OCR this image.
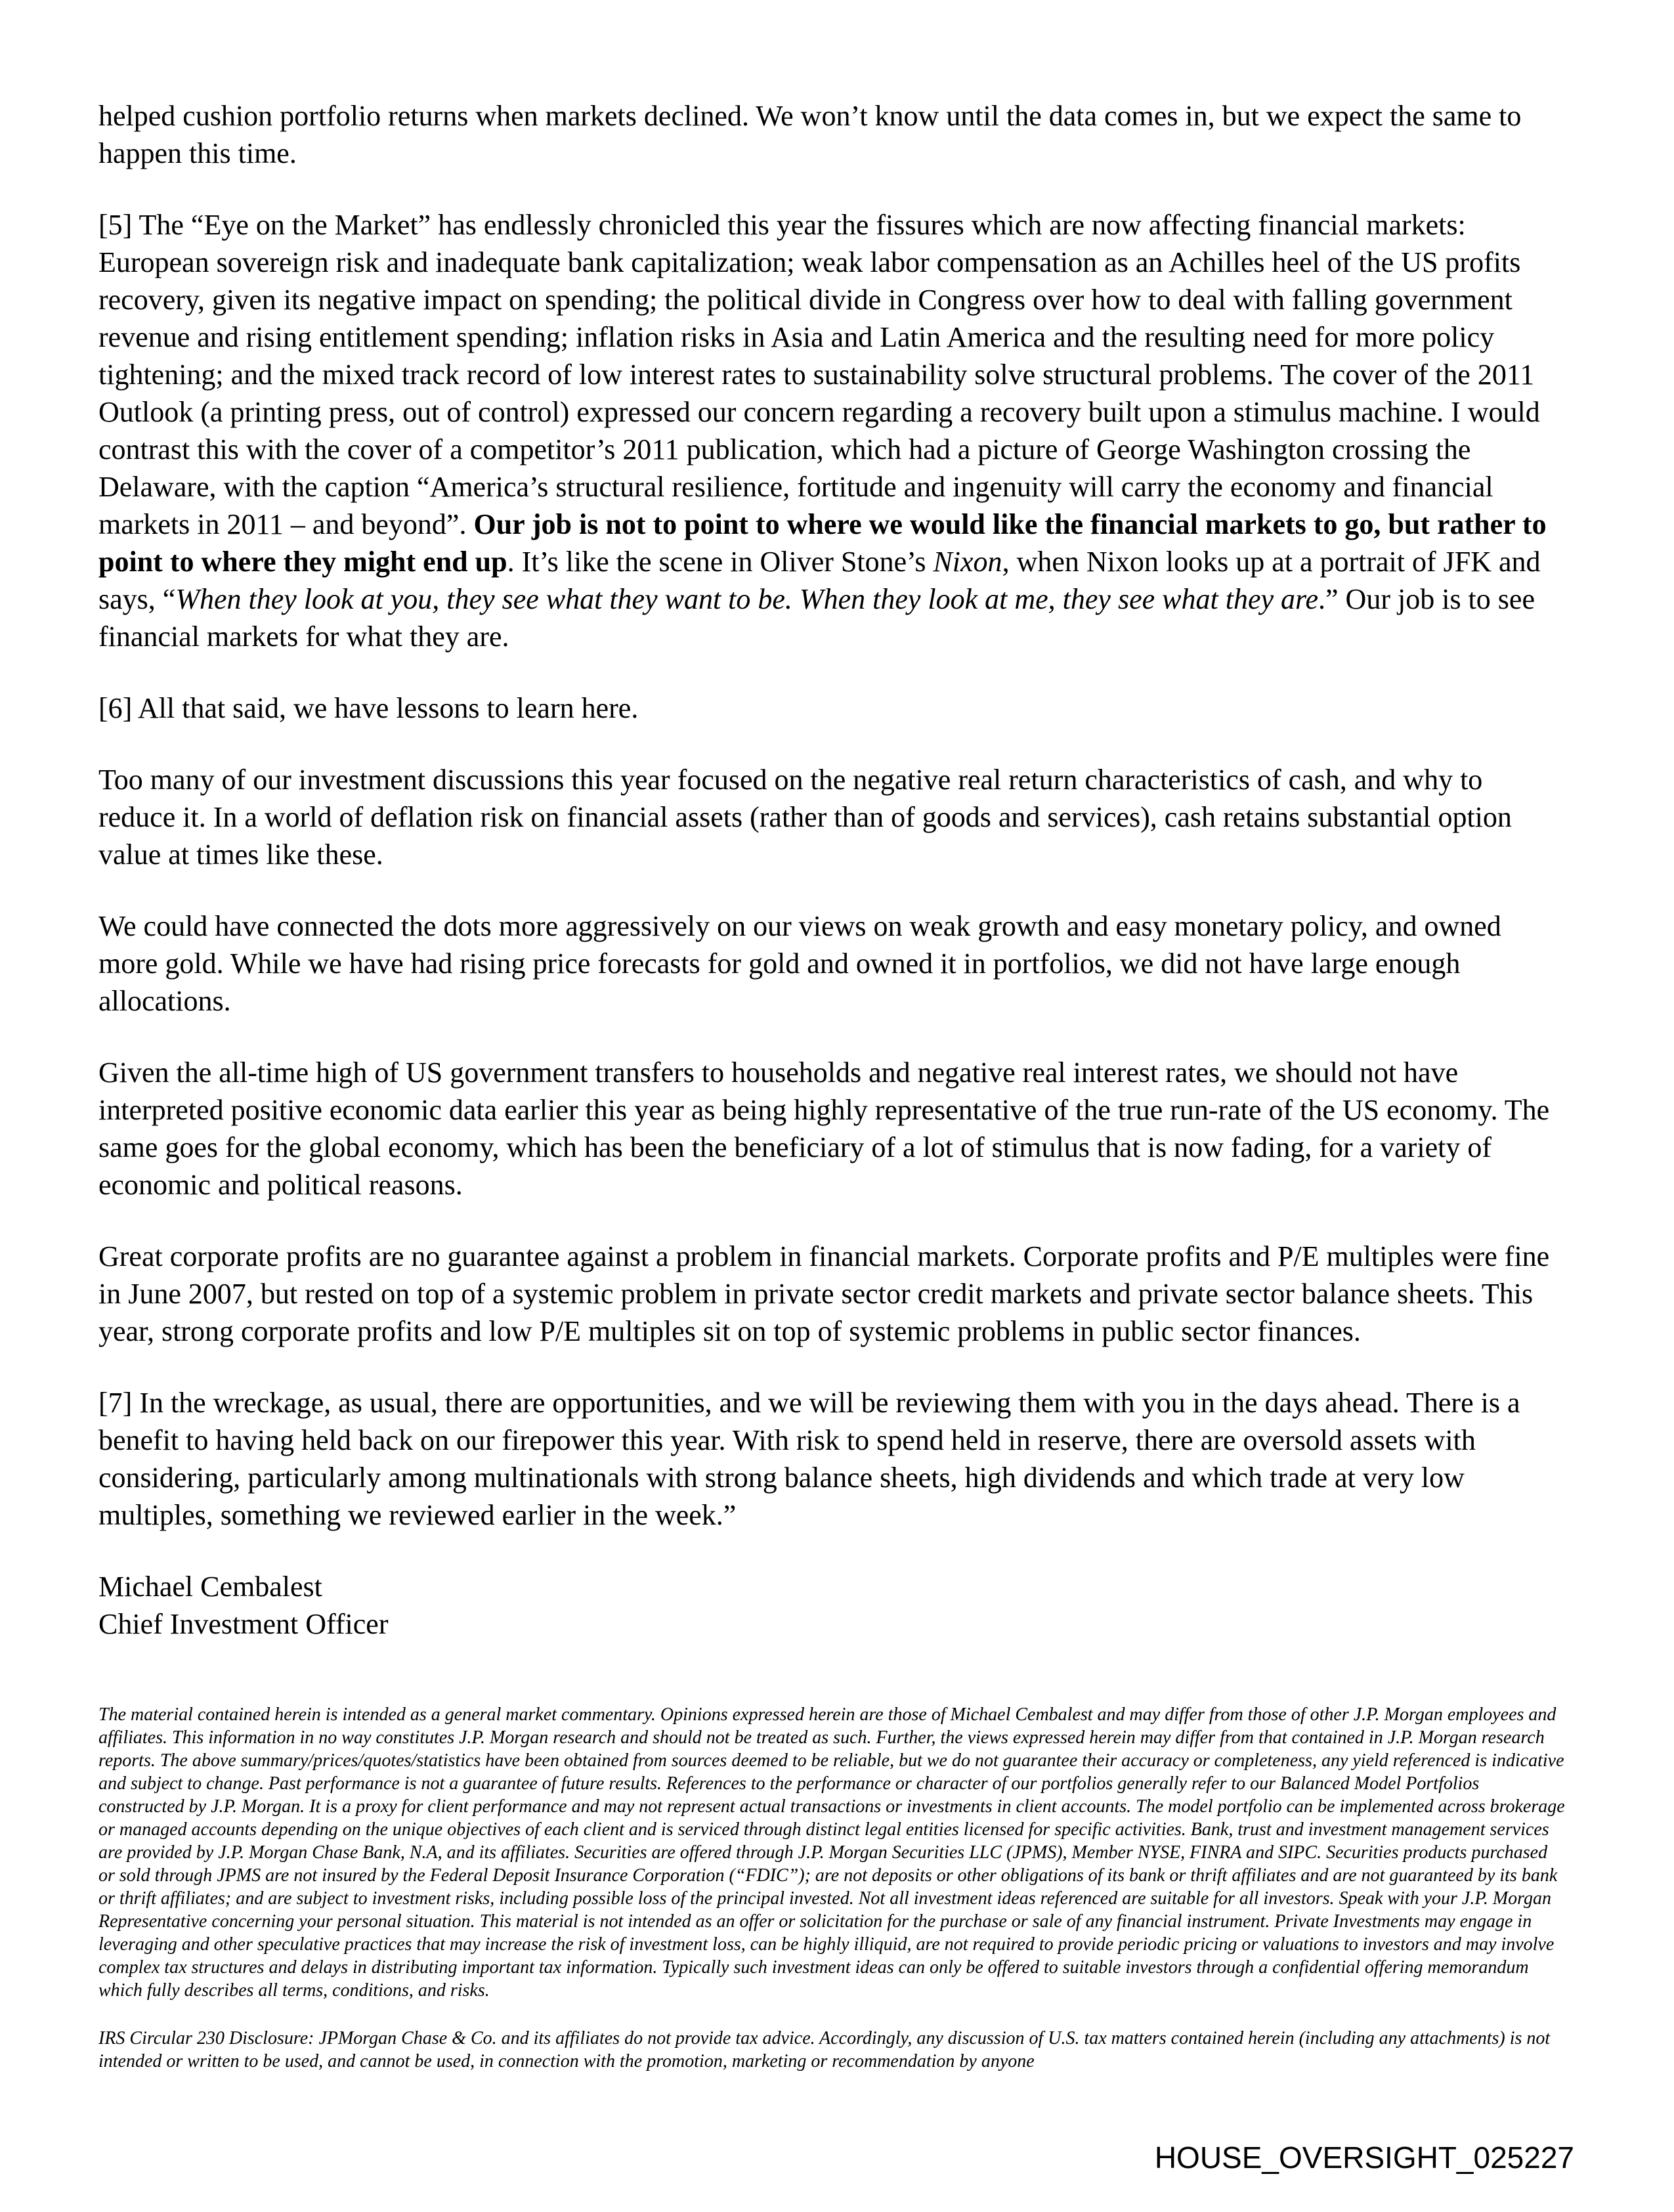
helped cushion portfolio returns when markets declined. We won’t know until the data comes in, but we expect the same to happen this time.

[5] The “Eye on the Market” has endlessly chronicled this year the fissures which are now affecting financial markets: European sovereign risk and inadequate bank capitalization; weak labor compensation as an Achilles heel of the US profits recovery, given its negative impact on spending; the political divide in Congress over how to deal with falling government revenue and rising entitlement spending; inflation risks in Asia and Latin America and the resulting need for more policy tightening; and the mixed track record of low interest rates to sustainability solve structural problems. The cover of the 2011 Outlook (a printing press, out of control) expressed our concern regarding a recovery built upon a stimulus machine. I would contrast this with the cover of a competitor’s 2011 publication, which had a picture of George Washington crossing the Delaware, with the caption “America’s structural resilience, fortitude and ingenuity will carry the economy and financial markets in 2011 – and beyond”. Our job is not to point to where we would like the financial markets to go, but rather to point to where they might end up. It’s like the scene in Oliver Stone’s Nixon, when Nixon looks up at a portrait of JFK and says, “When they look at you, they see what they want to be. When they look at me, they see what they are.” Our job is to see financial markets for what they are.

[6] All that said, we have lessons to learn here.

Too many of our investment discussions this year focused on the negative real return characteristics of cash, and why to reduce it. In a world of deflation risk on financial assets (rather than of goods and services), cash retains substantial option value at times like these.

We could have connected the dots more aggressively on our views on weak growth and easy monetary policy, and owned more gold. While we have had rising price forecasts for gold and owned it in portfolios, we did not have large enough allocations.

Given the all-time high of US government transfers to households and negative real interest rates, we should not have interpreted positive economic data earlier this year as being highly representative of the true run-rate of the US economy. The same goes for the global economy, which has been the beneficiary of a lot of stimulus that is now fading, for a variety of economic and political reasons.

Great corporate profits are no guarantee against a problem in financial markets. Corporate profits and P/E multiples were fine in June 2007, but rested on top of a systemic problem in private sector credit markets and private sector balance sheets. This year, strong corporate profits and low P/E multiples sit on top of systemic problems in public sector finances.

[7] In the wreckage, as usual, there are opportunities, and we will be reviewing them with you in the days ahead. There is a benefit to having held back on our firepower this year. With risk to spend held in reserve, there are oversold assets with considering, particularly among multinationals with strong balance sheets, high dividends and which trade at very low multiples, something we reviewed earlier in the week.”

Michael Cembalest
Chief Investment Officer

The material contained herein is intended as a general market commentary. Opinions expressed herein are those of Michael Cembalest and may differ from those of other J.P. Morgan employees and affiliates. This information in no way constitutes J.P. Morgan research and should not be treated as such. Further, the views expressed herein may differ from that contained in J.P. Morgan research reports. The above summary/prices/quotes/statistics have been obtained from sources deemed to be reliable, but we do not guarantee their accuracy or completeness, any yield referenced is indicative and subject to change. Past performance is not a guarantee of future results. References to the performance or character of our portfolios generally refer to our Balanced Model Portfolios constructed by J.P. Morgan. It is a proxy for client performance and may not represent actual transactions or investments in client accounts. The model portfolio can be implemented across brokerage or managed accounts depending on the unique objectives of each client and is serviced through distinct legal entities licensed for specific activities. Bank, trust and investment management services are provided by J.P. Morgan Chase Bank, N.A, and its affiliates. Securities are offered through J.P. Morgan Securities LLC (JPMS), Member NYSE, FINRA and SIPC. Securities products purchased or sold through JPMS are not insured by the Federal Deposit Insurance Corporation (“FDIC”); are not deposits or other obligations of its bank or thrift affiliates and are not guaranteed by its bank or thrift affiliates; and are subject to investment risks, including possible loss of the principal invested. Not all investment ideas referenced are suitable for all investors. Speak with your J.P. Morgan Representative concerning your personal situation. This material is not intended as an offer or solicitation for the purchase or sale of any financial instrument. Private Investments may engage in leveraging and other speculative practices that may increase the risk of investment loss, can be highly illiquid, are not required to provide periodic pricing or valuations to investors and may involve complex tax structures and delays in distributing important tax information. Typically such investment ideas can only be offered to suitable investors through a confidential offering memorandum which fully describes all terms, conditions, and risks.

IRS Circular 230 Disclosure: JPMorgan Chase & Co. and its affiliates do not provide tax advice. Accordingly, any discussion of U.S. tax matters contained herein (including any attachments) is not intended or written to be used, and cannot be used, in connection with the promotion, marketing or recommendation by anyone

HOUSE_OVERSIGHT_025227
